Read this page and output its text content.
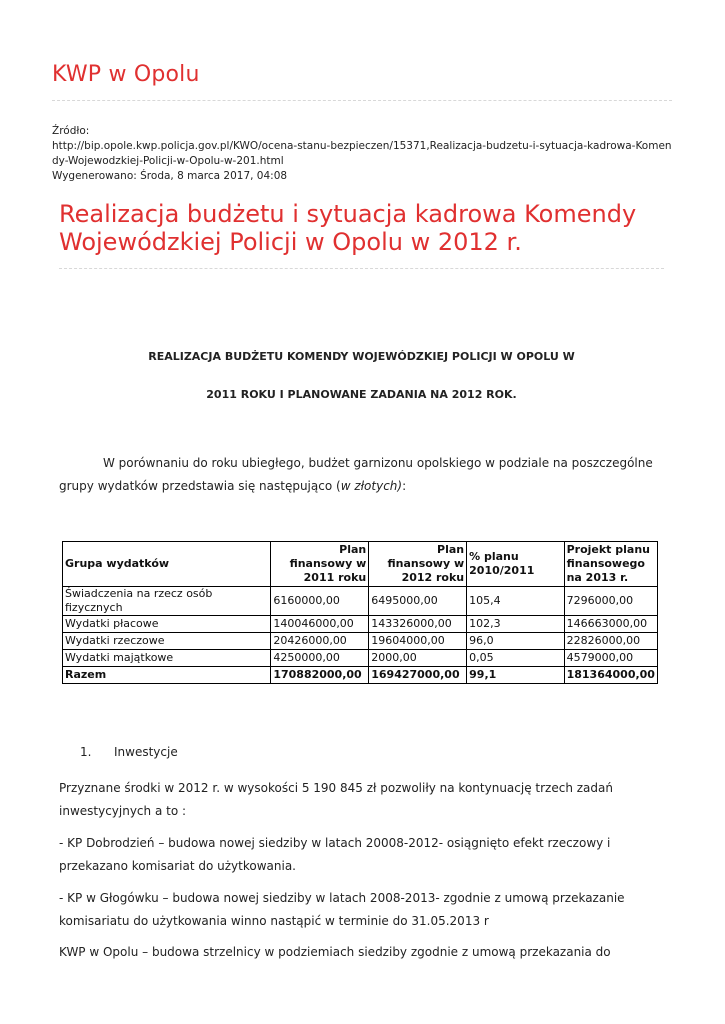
KWP w Opolu
Źródło:
http://bip.opole.kwp.policja.gov.pl/KWO/ocena-stanu-bezpieczen/15371,Realizacja-budzetu-i-sytuacja-kadrowa-Komendy-Wojewodzkiej-Policji-w-Opolu-w-201.html
Wygenerowano: Środa, 8 marca 2017, 04:08
Realizacja budżetu i sytuacja kadrowa Komendy Wojewódzkiej Policji w Opolu w 2012 r.

REALIZACJA BUDŻETU KOMENDY WOJEWÓDZKIEJ POLICJI W OPOLU W

2011 ROKU I PLANOWANE ZADANIA NA 2012 ROK.

W porównaniu do roku ubiegłego, budżet garnizonu opolskiego w podziale na poszczególne grupy wydatków przedstawia się następująco (w złotych):

Grupa wydatków	Plan finansowy w 2011 roku	Plan finansowy w 2012 roku	% planu 2010/2011	Projekt planu finansowego na 2013 r.
Świadczenia na rzecz osób fizycznych	6160000,00	6495000,00	105,4	7296000,00
Wydatki płacowe	140046000,00	143326000,00	102,3	146663000,00
Wydatki rzeczowe	20426000,00	19604000,00	96,0	22826000,00
Wydatki majątkowe	4250000,00	2000,00	0,05	4579000,00
Razem	170882000,00	169427000,00	99,1	181364000,00

1. Inwestycje

Przyznane środki w 2012 r. w wysokości 5 190 845 zł pozwoliły na kontynuację trzech zadań inwestycyjnych a to :

- KP Dobrodzień – budowa nowej siedziby w latach 20008-2012- osiągnięto efekt rzeczowy i przekazano komisariat do użytkowania.

- KP w Głogówku – budowa nowej siedziby w latach 2008-2013- zgodnie z umową przekazanie komisariatu do użytkowania winno nastąpić w terminie do 31.05.2013 r

KWP w Opolu – budowa strzelnicy w podziemiach siedziby zgodnie z umową przekazania do
